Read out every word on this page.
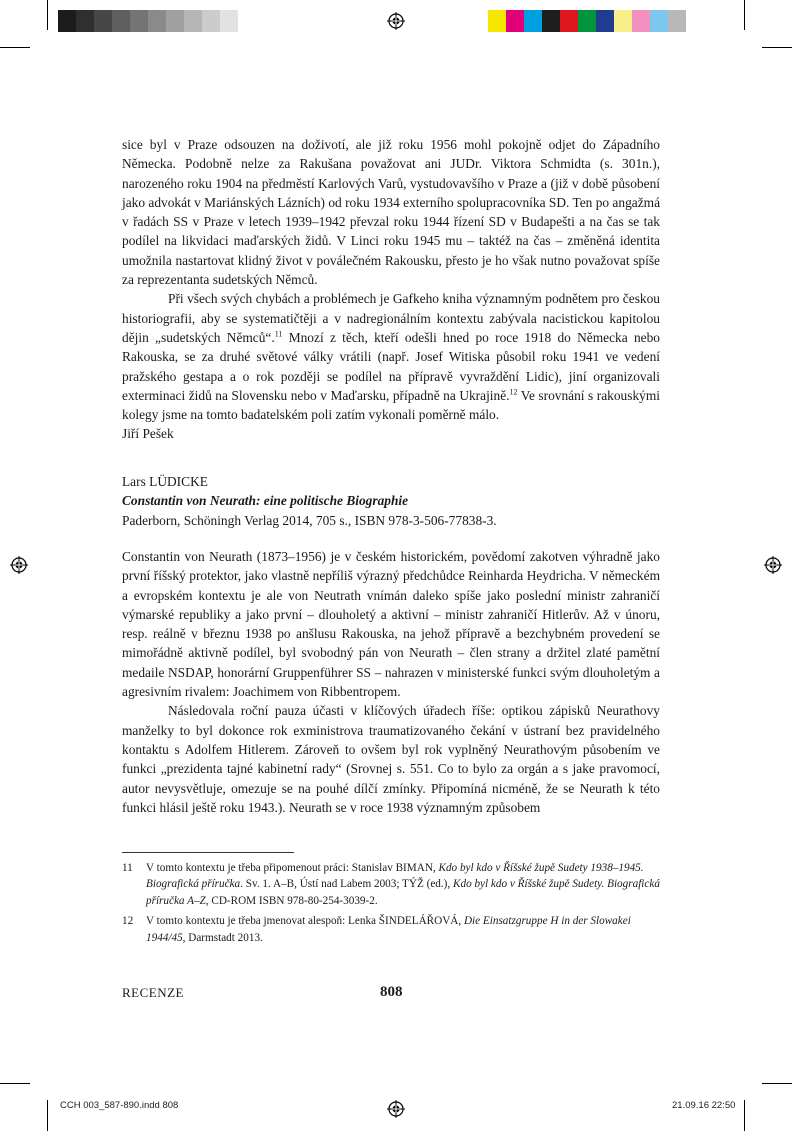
sice byl v Praze odsouzen na doživotí, ale již roku 1956 mohl pokojně odjet do Západního Německa. Podobně nelze za Rakušana považovat ani JUDr. Viktora Schmidta (s. 301n.), narozeného roku 1904 na předměstí Karlových Varů, vystudovavšího v Praze a (již v době působení jako advokát v Mariánských Lázních) od roku 1934 externího spolupracovníka SD. Ten po angažmá v řadách SS v Praze v letech 1939–1942 převzal roku 1944 řízení SD v Budapešti a na čas se tak podílel na likvidaci maďarských židů. V Linci roku 1945 mu – taktéž na čas – změněná identita umožnila nastartovat klidný život v poválečném Rakousku, přesto je ho však nutno považovat spíše za reprezentanta sudetských Němců.

Při všech svých chybách a problémech je Gafkeho kniha významným podnětem pro českou historiografii, aby se systematičtěji a v nadregionálním kontextu zabývala nacistickou kapitolou dějin „sudetských Němců“.$^{11}$ Mnozí z těch, kteří odešli hned po roce 1918 do Německa nebo Rakouska, se za druhé světové války vrátili (např. Josef Witiska působil roku 1941 ve vedení pražského gestapa a o rok později se podílel na přípravě vyvraždění Lidic), jiní organizovali exterminaci židů na Slovensku nebo v Maďarsku, případně na Ukrajině.$^{12}$ Ve srovnání s rakouskými kolegy jsme na tomto badatelském poli zatím vykonali poměrně málo.

Jiří Pešek

Lars LÜDICKE

Constantin von Neurath: eine politische Biographie

Paderborn, Schöningh Verlag 2014, 705 s., ISBN 978-3-506-77838-3.

Constantin von Neurath (1873–1956) je v českém historickém, povědomí zakotven výhradně jako první říšský protektor, jako vlastně nepříliš výrazný předchůdce Reinharda Heydricha. V německém a evropském kontextu je ale von Neutrath vnímán daleko spíše jako poslední ministr zahraničí výmarské republiky a jako první – dlouholetý a aktivní – ministr zahraničí Hitlerův. Až v únoru, resp. reálně v březnu 1938 po anšlusu Rakouska, na jehož přípravě a bezchybném provedení se mimořádně aktivně podílel, byl svobodný pán von Neurath – člen strany a držitel zlaté pamětní medaile NSDAP, honorární Gruppenführer SS – nahrazen v ministerské funkci svým dlouholetým a agresivním rivalem: Joachimem von Ribbentropem.

Následovala roční pauza účasti v klíčových úřadech říše: optikou zápisků Neurathovy manželky to byl dokonce rok exministrova traumatizovaného čekání v ústraní bez pravidelného kontaktu s Adolfem Hitlerem. Zároveň to ovšem byl rok vyplněný Neurathovým působením ve funkci „prezidenta tajné kabinetní rady“ (Srovnej s. 551. Co to bylo za orgán a s jake pravomocí, autor nevysvětluje, omezuje se na pouhé dílčí zmínky. Připomíná nicméně, že se Neurath k této funkci hlásil ještě roku 1943.). Neurath se v roce 1938 významným způsobem

11	V tomto kontextu je třeba připomenout práci: Stanislav BIMAN, Kdo byl kdo v Říšské župě Sudety 1938–1945. Biografická příručka. Sv. 1. A–B, Ústí nad Labem 2003; TÝŽ (ed.), Kdo byl kdo v Říšské župě Sudety. Biografická příručka A–Z, CD-ROM ISBN 978-80-254-3039-2.
12	V tomto kontextu je třeba jmenovat alespoň: Lenka ŠINDELÁŘOVÁ, Die Einsatzgruppe H in der Slowakei 1944/45, Darmstadt 2013.
RECENZE	808
CCH 003_587-890.indd 808	21.09.16 22:50
